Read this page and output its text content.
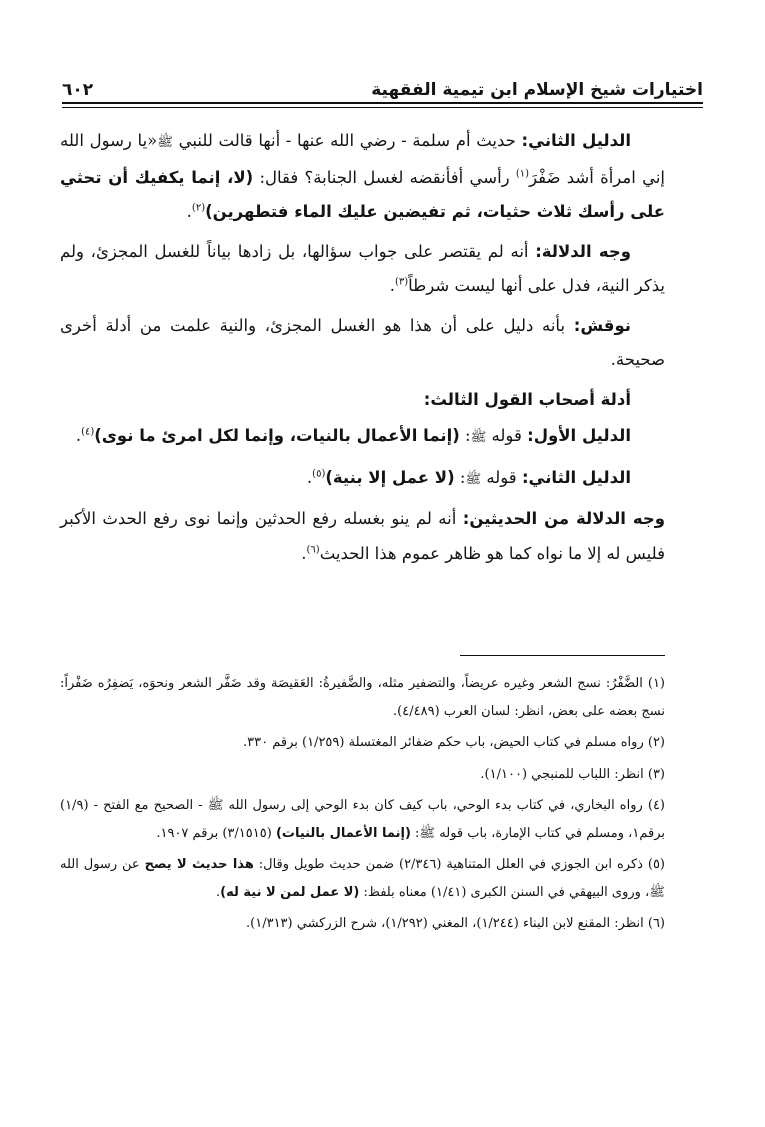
اختيارات شيخ الإسلام ابن تيمية الفقهية
٦٠٢

الدليل الثاني: حديث أم سلمة - رضي الله عنها - أنها قالت للنبي ﷺ«يا رسول الله إني امرأة أشد ضَفْرَ$^{(١)}$ رأسي أفأنقضه لغسل الجنابة؟ فقال: (لا، إنما يكفيك أن تحثي على رأسك ثلاث حثيات، ثم تفيضين عليك الماء فتطهرين)$^{(٢)}$.

وجه الدلالة: أنه لم يقتصر على جواب سؤالها، بل زادها بياناً للغسل المجزئ، ولم يذكر النية، فدل على أنها ليست شرطاً$^{(٣)}$.

نوقش: بأنه دليل على أن هذا هو الغسل المجزئ، والنية علمت من أدلة أخرى صحيحة.

أدلة أصحاب القول الثالث:

الدليل الأول: قوله ﷺ: (إنما الأعمال بالنيات، وإنما لكل امرئ ما نوى)$^{(٤)}$.

الدليل الثاني: قوله ﷺ: (لا عمل إلا بنية)$^{(٥)}$.

وجه الدلالة من الحديثين: أنه لم ينو بغسله رفع الحدثين وإنما نوى رفع الحدث الأكبر فليس له إلا ما نواه كما هو ظاهر عموم هذا الحديث$^{(٦)}$.

(١) الضَّفْرُ: نسج الشعر وغيره عريضاً، والتضفير مثله، والضَّفيرةُ: العَقيصَة وقد ضَفَّر الشعر ونحوَه، يَضفِرُه ضَفْراً: نسج بعضه على بعض، انظر: لسان العرب (٤/٤٨٩).

(٢) رواه مسلم في كتاب الحيض، باب حكم ضفائر المغتسلة (١/٢٥٩) برقم ٣٣٠.

(٣) انظر: اللباب للمنبجي (١/١٠٠).

(٤) رواه البخاري، في كتاب بدء الوحي، باب كيف كان بدء الوحي إلى رسول الله ﷺ - الصحيح مع الفتح - (١/٩) برقم١، ومسلم في كتاب الإمارة، باب قوله ﷺ: (إنما الأعمال بالنيات) (٣/١٥١٥) برقم ١٩٠٧.

(٥) ذكره ابن الجوزي في العلل المتناهية (٢/٣٤٦) ضمن حديث طويل وقال: هذا حديث لا يصح عن رسول الله ﷺ، وروى البيهقي في السنن الكبرى (١/٤١) معناه بلفظ: (لا عمل لمن لا نية له).

(٦) انظر: المقنع لابن البناء (١/٢٤٤)، المغني (١/٢٩٢)، شرح الزركشي (١/٣١٣).
